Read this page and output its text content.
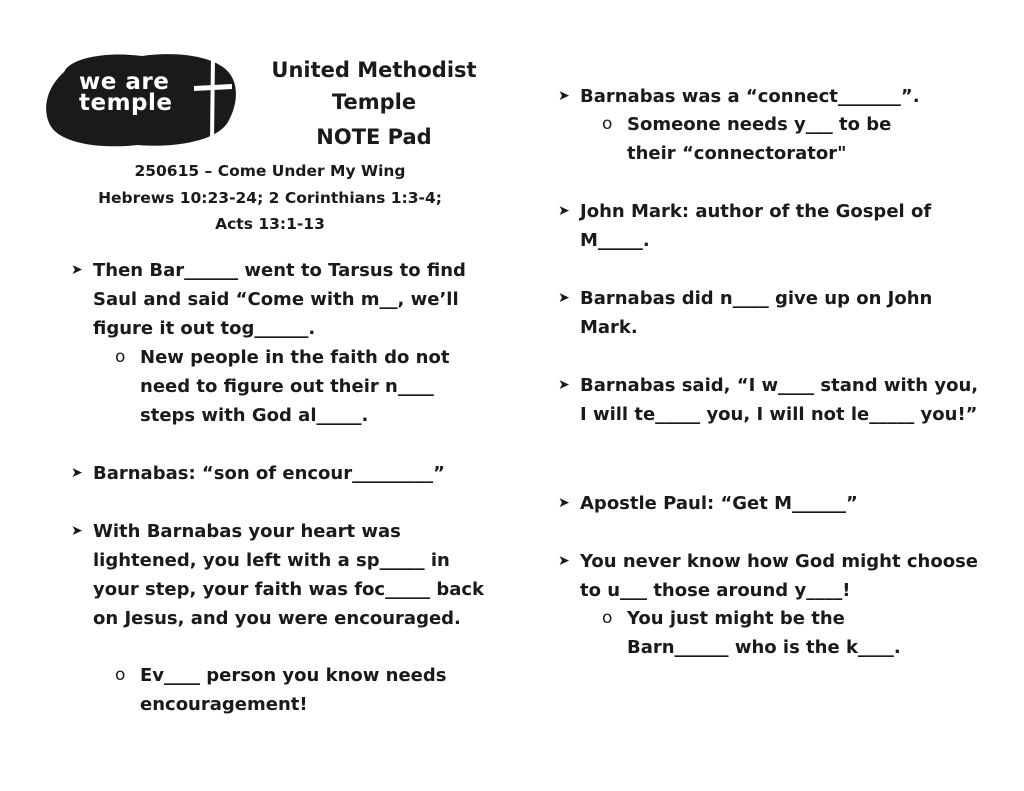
we are
temple
United Methodist
Temple
NOTE Pad
250615 – Come Under My Wing
Hebrews 10:23-24; 2 Corinthians 1:3-4;
Acts 13:1-13
➤ Then Bar______ went to Tarsus to find Saul and said “Come with m__, we’ll figure it out tog______.
o New people in the faith do not need to figure out their n____ steps with God al_____.
➤ Barnabas: “son of encour_________”
➤ With Barnabas your heart was lightened, you left with a sp_____ in your step, your faith was foc_____ back on Jesus, and you were encouraged.
o Ev____ person you know needs encouragement!
➤ Barnabas was a “connect_______”.
o Someone needs y___ to be their “connectorator"
➤ John Mark: author of the Gospel of M_____.
➤ Barnabas did n____ give up on John Mark.
➤ Barnabas said, “I w____ stand with you, I will te_____ you, I will not le_____ you!”
➤ Apostle Paul: “Get M______”
➤ You never know how God might choose to u___ those around y____!
o You just might be the Barn______ who is the k____.
